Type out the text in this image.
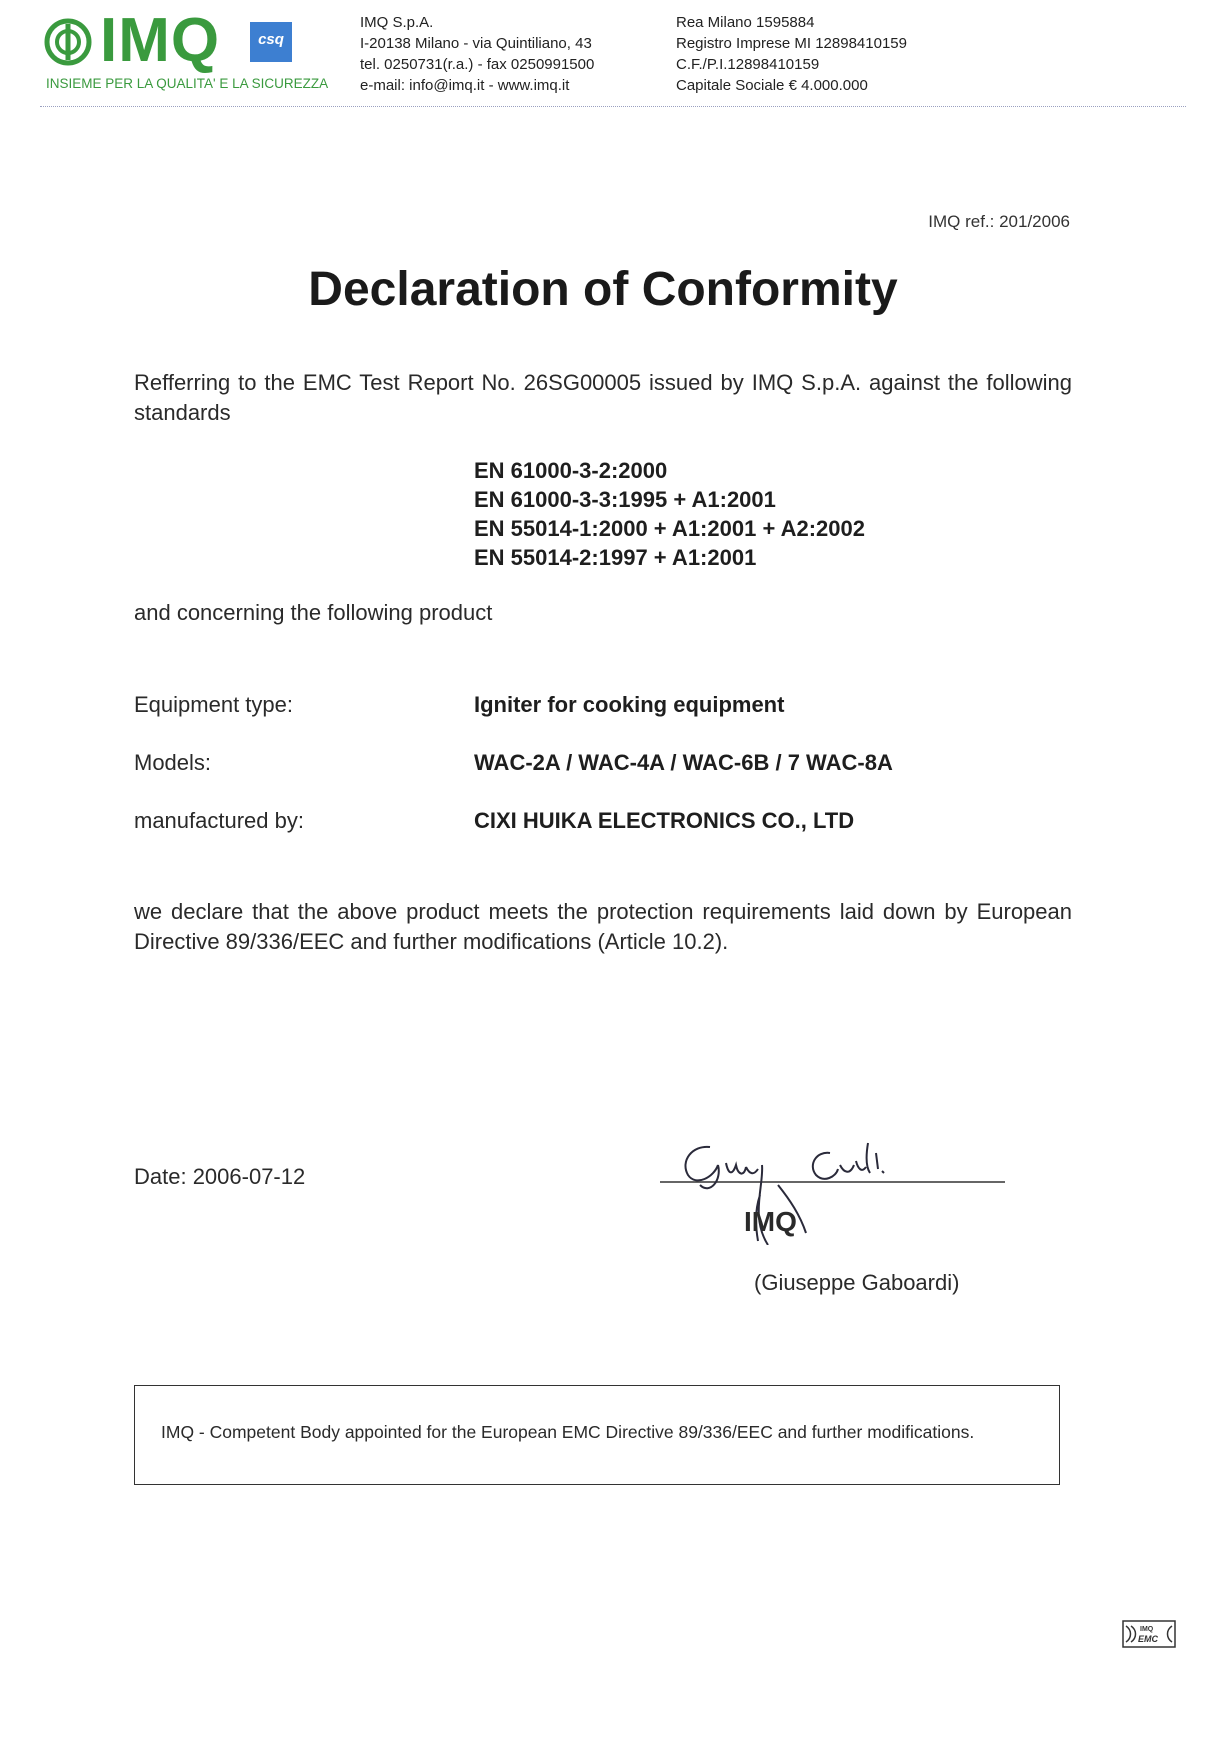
IMQ	csq
INSIEME PER LA QUALITA' E LA SICUREZZA
IMQ S.p.A.
I-20138 Milano - via Quintiliano, 43
tel. 0250731(r.a.) - fax 0250991500
e-mail: info@imq.it - www.imq.it
Rea Milano 1595884
Registro Imprese MI 12898410159
C.F./P.I.12898410159
Capitale Sociale € 4.000.000
IMQ ref.: 201/2006
Declaration of Conformity
Refferring to the EMC Test Report No. 26SG00005 issued by IMQ S.p.A. against the following standards
EN 61000-3-2:2000
EN 61000-3-3:1995 + A1:2001
EN 55014-1:2000 + A1:2001 + A2:2002
EN 55014-2:1997 + A1:2001
and concerning the following product
Equipment type:	Igniter for cooking equipment
Models:	WAC-2A / WAC-4A / WAC-6B / 7 WAC-8A
manufactured by:	CIXI HUIKA ELECTRONICS CO., LTD
we declare that the above product meets the protection requirements laid down by European Directive 89/336/EEC and further modifications (Article 10.2).
Date: 2006-07-12
IMQ
(Giuseppe Gaboardi)
IMQ - Competent Body appointed for the European EMC Directive 89/336/EEC and further modifications.
IMQ
EMC
